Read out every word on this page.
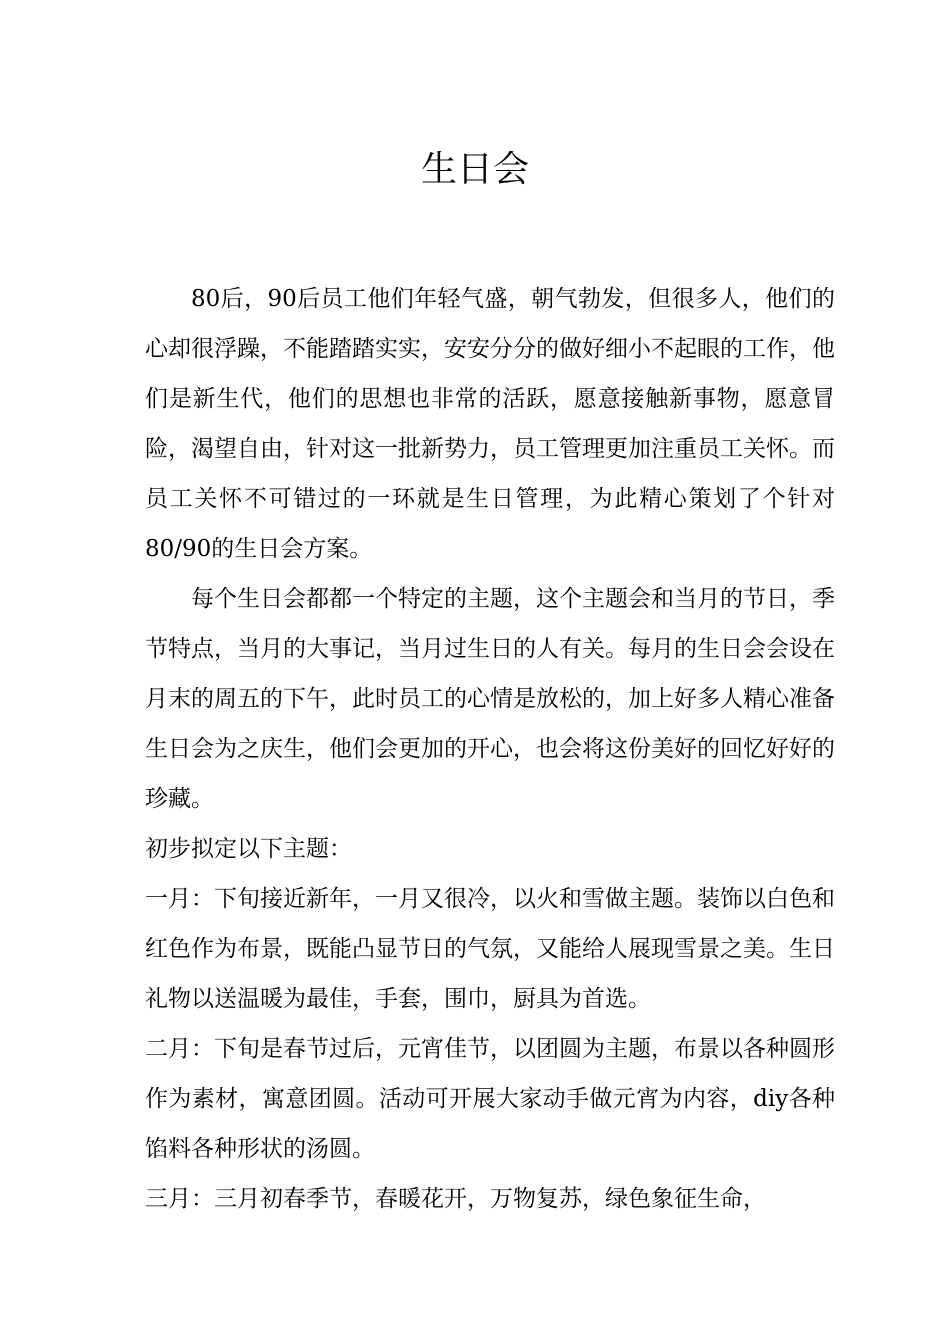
生日会

80后，90后员工他们年轻气盛，朝气勃发，但很多人，他们的心却很浮躁，不能踏踏实实，安安分分的做好细小不起眼的工作，他们是新生代，他们的思想也非常的活跃，愿意接触新事物，愿意冒险，渴望自由，针对这一批新势力，员工管理更加注重员工关怀。而员工关怀不可错过的一环就是生日管理，为此精心策划了个针对80/90的生日会方案。

每个生日会都都一个特定的主题，这个主题会和当月的节日，季节特点，当月的大事记，当月过生日的人有关。每月的生日会会设在月末的周五的下午，此时员工的心情是放松的，加上好多人精心准备生日会为之庆生，他们会更加的开心，也会将这份美好的回忆好好的珍藏。

初步拟定以下主题：

一月：下旬接近新年，一月又很冷，以火和雪做主题。装饰以白色和红色作为布景，既能凸显节日的气氛，又能给人展现雪景之美。生日礼物以送温暖为最佳，手套，围巾，厨具为首选。

二月：下旬是春节过后，元宵佳节，以团圆为主题，布景以各种圆形作为素材，寓意团圆。活动可开展大家动手做元宵为内容，diy各种馅料各种形状的汤圆。

三月：三月初春季节，春暖花开，万物复苏，绿色象征生命，
